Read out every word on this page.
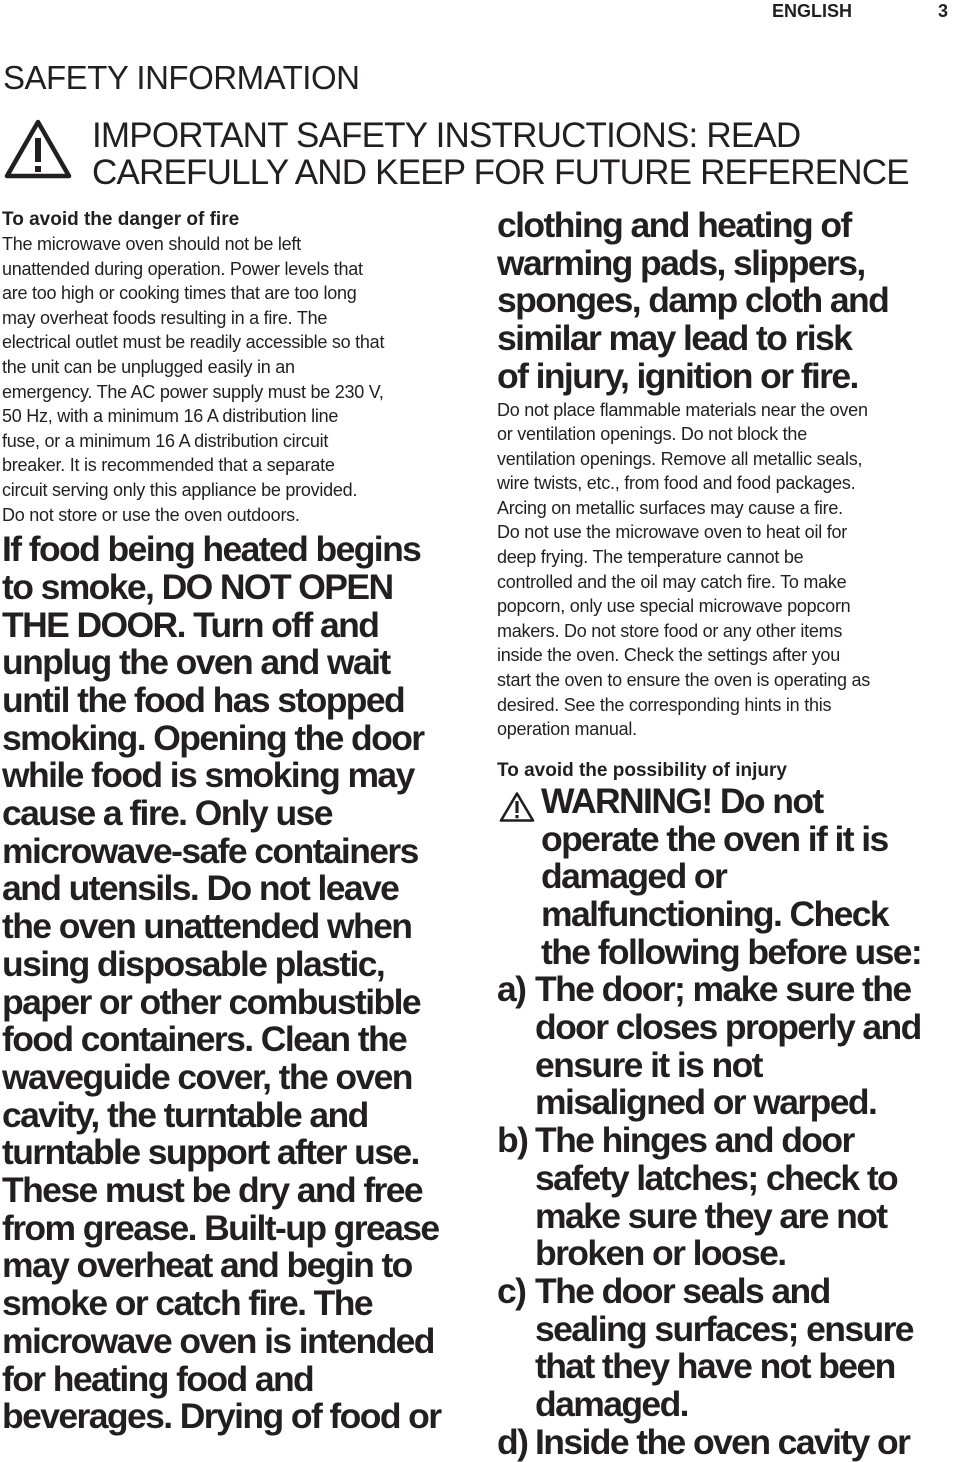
ENGLISH	3
SAFETY INFORMATION
IMPORTANT SAFETY INSTRUCTIONS: READ
CAREFULLY AND KEEP FOR FUTURE REFERENCE
To avoid the danger of fire
The microwave oven should not be left
unattended during operation. Power levels that
are too high or cooking times that are too long
may overheat foods resulting in a fire. The
electrical outlet must be readily accessible so that
the unit can be unplugged easily in an
emergency. The AC power supply must be 230 V,
50 Hz, with a minimum 16 A distribution line
fuse, or a minimum 16 A distribution circuit
breaker. It is recommended that a separate
circuit serving only this appliance be provided.
Do not store or use the oven outdoors.
If food being heated begins
to smoke, DO NOT OPEN
THE DOOR. Turn off and
unplug the oven and wait
until the food has stopped
smoking. Opening the door
while food is smoking may
cause a fire. Only use
microwave-safe containers
and utensils. Do not leave
the oven unattended when
using disposable plastic,
paper or other combustible
food containers. Clean the
waveguide cover, the oven
cavity, the turntable and
turntable support after use.
These must be dry and free
from grease. Built-up grease
may overheat and begin to
smoke or catch fire. The
microwave oven is intended
for heating food and
beverages. Drying of food or
clothing and heating of
warming pads, slippers,
sponges, damp cloth and
similar may lead to risk
of injury, ignition or fire.
Do not place flammable materials near the oven
or ventilation openings. Do not block the
ventilation openings. Remove all metallic seals,
wire twists, etc., from food and food packages.
Arcing on metallic surfaces may cause a fire.
Do not use the microwave oven to heat oil for
deep frying. The temperature cannot be
controlled and the oil may catch fire. To make
popcorn, only use special microwave popcorn
makers. Do not store food or any other items
inside the oven. Check the settings after you
start the oven to ensure the oven is operating as
desired. See the corresponding hints in this
operation manual.
To avoid the possibility of injury
WARNING! Do not
operate the oven if it is
damaged or
malfunctioning. Check
the following before use:
a) The door; make sure the
door closes properly and
ensure it is not
misaligned or warped.
b) The hinges and door
safety latches; check to
make sure they are not
broken or loose.
c) The door seals and
sealing surfaces; ensure
that they have not been
damaged.
d) Inside the oven cavity or
